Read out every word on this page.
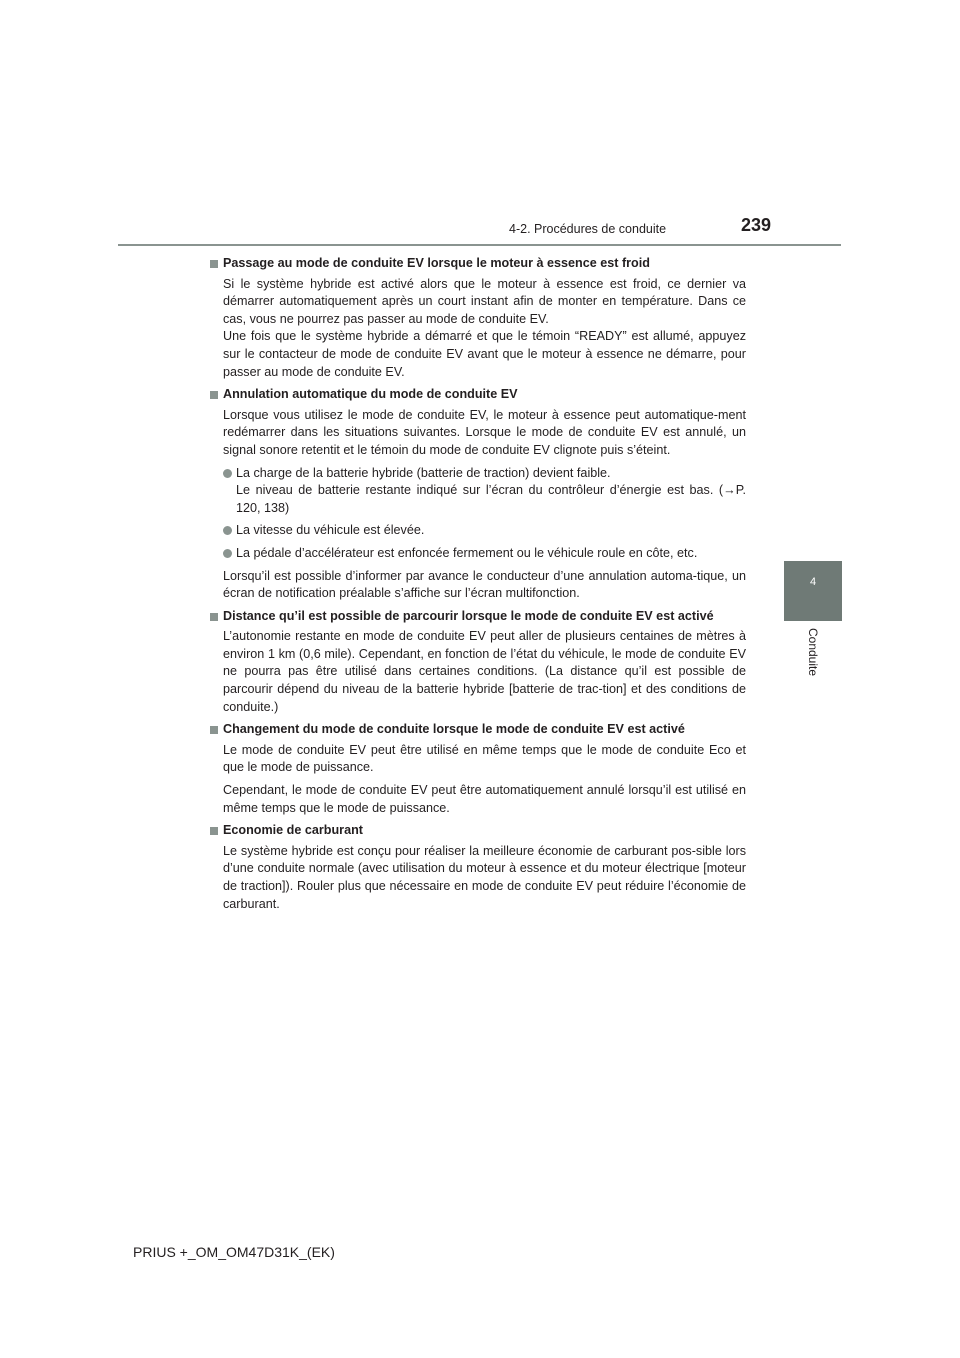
4-2. Procédures de conduite	239
4
Conduite
Passage au mode de conduite EV lorsque le moteur à essence est froid
Si le système hybride est activé alors que le moteur à essence est froid, ce dernier va démarrer automatiquement après un court instant afin de monter en température. Dans ce cas, vous ne pourrez pas passer au mode de conduite EV.
Une fois que le système hybride a démarré et que le témoin “READY” est allumé, appuyez sur le contacteur de mode de conduite EV avant que le moteur à essence ne démarre, pour passer au mode de conduite EV.
Annulation automatique du mode de conduite EV
Lorsque vous utilisez le mode de conduite EV, le moteur à essence peut automatique-ment redémarrer dans les situations suivantes. Lorsque le mode de conduite EV est annulé, un signal sonore retentit et le témoin du mode de conduite EV clignote puis s’éteint.
La charge de la batterie hybride (batterie de traction) devient faible.
Le niveau de batterie restante indiqué sur l’écran du contrôleur d’énergie est bas. (→P. 120, 138)
La vitesse du véhicule est élevée.
La pédale d’accélérateur est enfoncée fermement ou le véhicule roule en côte, etc.
Lorsqu’il est possible d’informer par avance le conducteur d’une annulation automa-tique, un écran de notification préalable s’affiche sur l’écran multifonction.
Distance qu’il est possible de parcourir lorsque le mode de conduite EV est activé
L’autonomie restante en mode de conduite EV peut aller de plusieurs centaines de mètres à environ 1 km (0,6 mile). Cependant, en fonction de l’état du véhicule, le mode de conduite EV ne pourra pas être utilisé dans certaines conditions. (La distance qu’il est possible de parcourir dépend du niveau de la batterie hybride [batterie de trac-tion] et des conditions de conduite.)
Changement du mode de conduite lorsque le mode de conduite EV est activé
Le mode de conduite EV peut être utilisé en même temps que le mode de conduite Eco et que le mode de puissance.
Cependant, le mode de conduite EV peut être automatiquement annulé lorsqu’il est utilisé en même temps que le mode de puissance.
Economie de carburant
Le système hybride est conçu pour réaliser la meilleure économie de carburant pos-sible lors d’une conduite normale (avec utilisation du moteur à essence et du moteur électrique [moteur de traction]). Rouler plus que nécessaire en mode de conduite EV peut réduire l’économie de carburant.
PRIUS +_OM_OM47D31K_(EK)
